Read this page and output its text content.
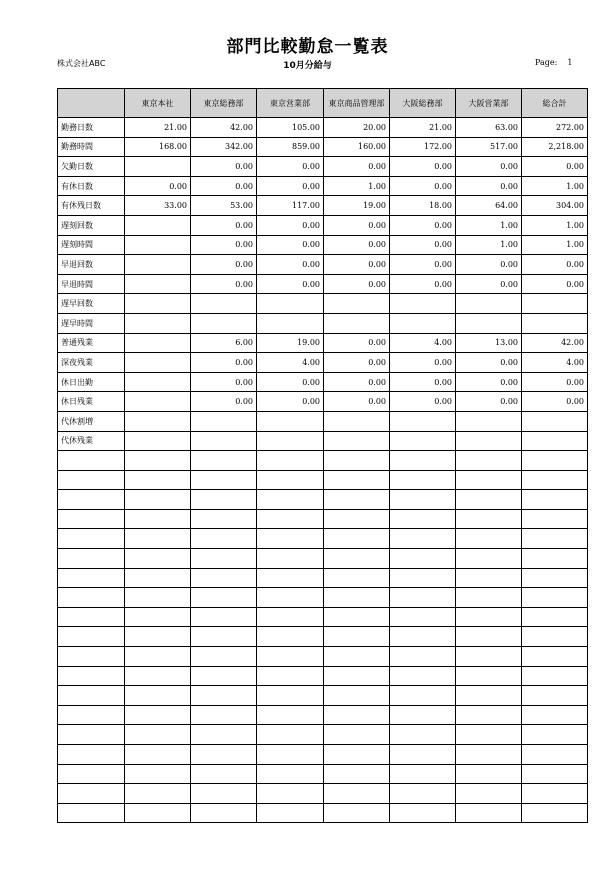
部門比較勤怠一覧表
株式会社ABC	10月分給与	Page: 1
	東京本社	東京総務部	東京営業部	東京商品管理部	大阪総務部	大阪営業部	総合計
勤務日数	21.00	42.00	105.00	20.00	21.00	63.00	272.00
勤務時間	168.00	342.00	859.00	160.00	172.00	517.00	2,218.00
欠勤日数		0.00	0.00	0.00	0.00	0.00	0.00
有休日数	0.00	0.00	0.00	1.00	0.00	0.00	1.00
有休残日数	33.00	53.00	117.00	19.00	18.00	64.00	304.00
遅刻回数		0.00	0.00	0.00	0.00	1.00	1.00
遅刻時間		0.00	0.00	0.00	0.00	1.00	1.00
早退回数		0.00	0.00	0.00	0.00	0.00	0.00
早退時間		0.00	0.00	0.00	0.00	0.00	0.00
遅早回数							
遅早時間							
普通残業		6.00	19.00	0.00	4.00	13.00	42.00
深夜残業		0.00	4.00	0.00	0.00	0.00	4.00
休日出勤		0.00	0.00	0.00	0.00	0.00	0.00
休日残業		0.00	0.00	0.00	0.00	0.00	0.00
代休割増							
代休残業							
